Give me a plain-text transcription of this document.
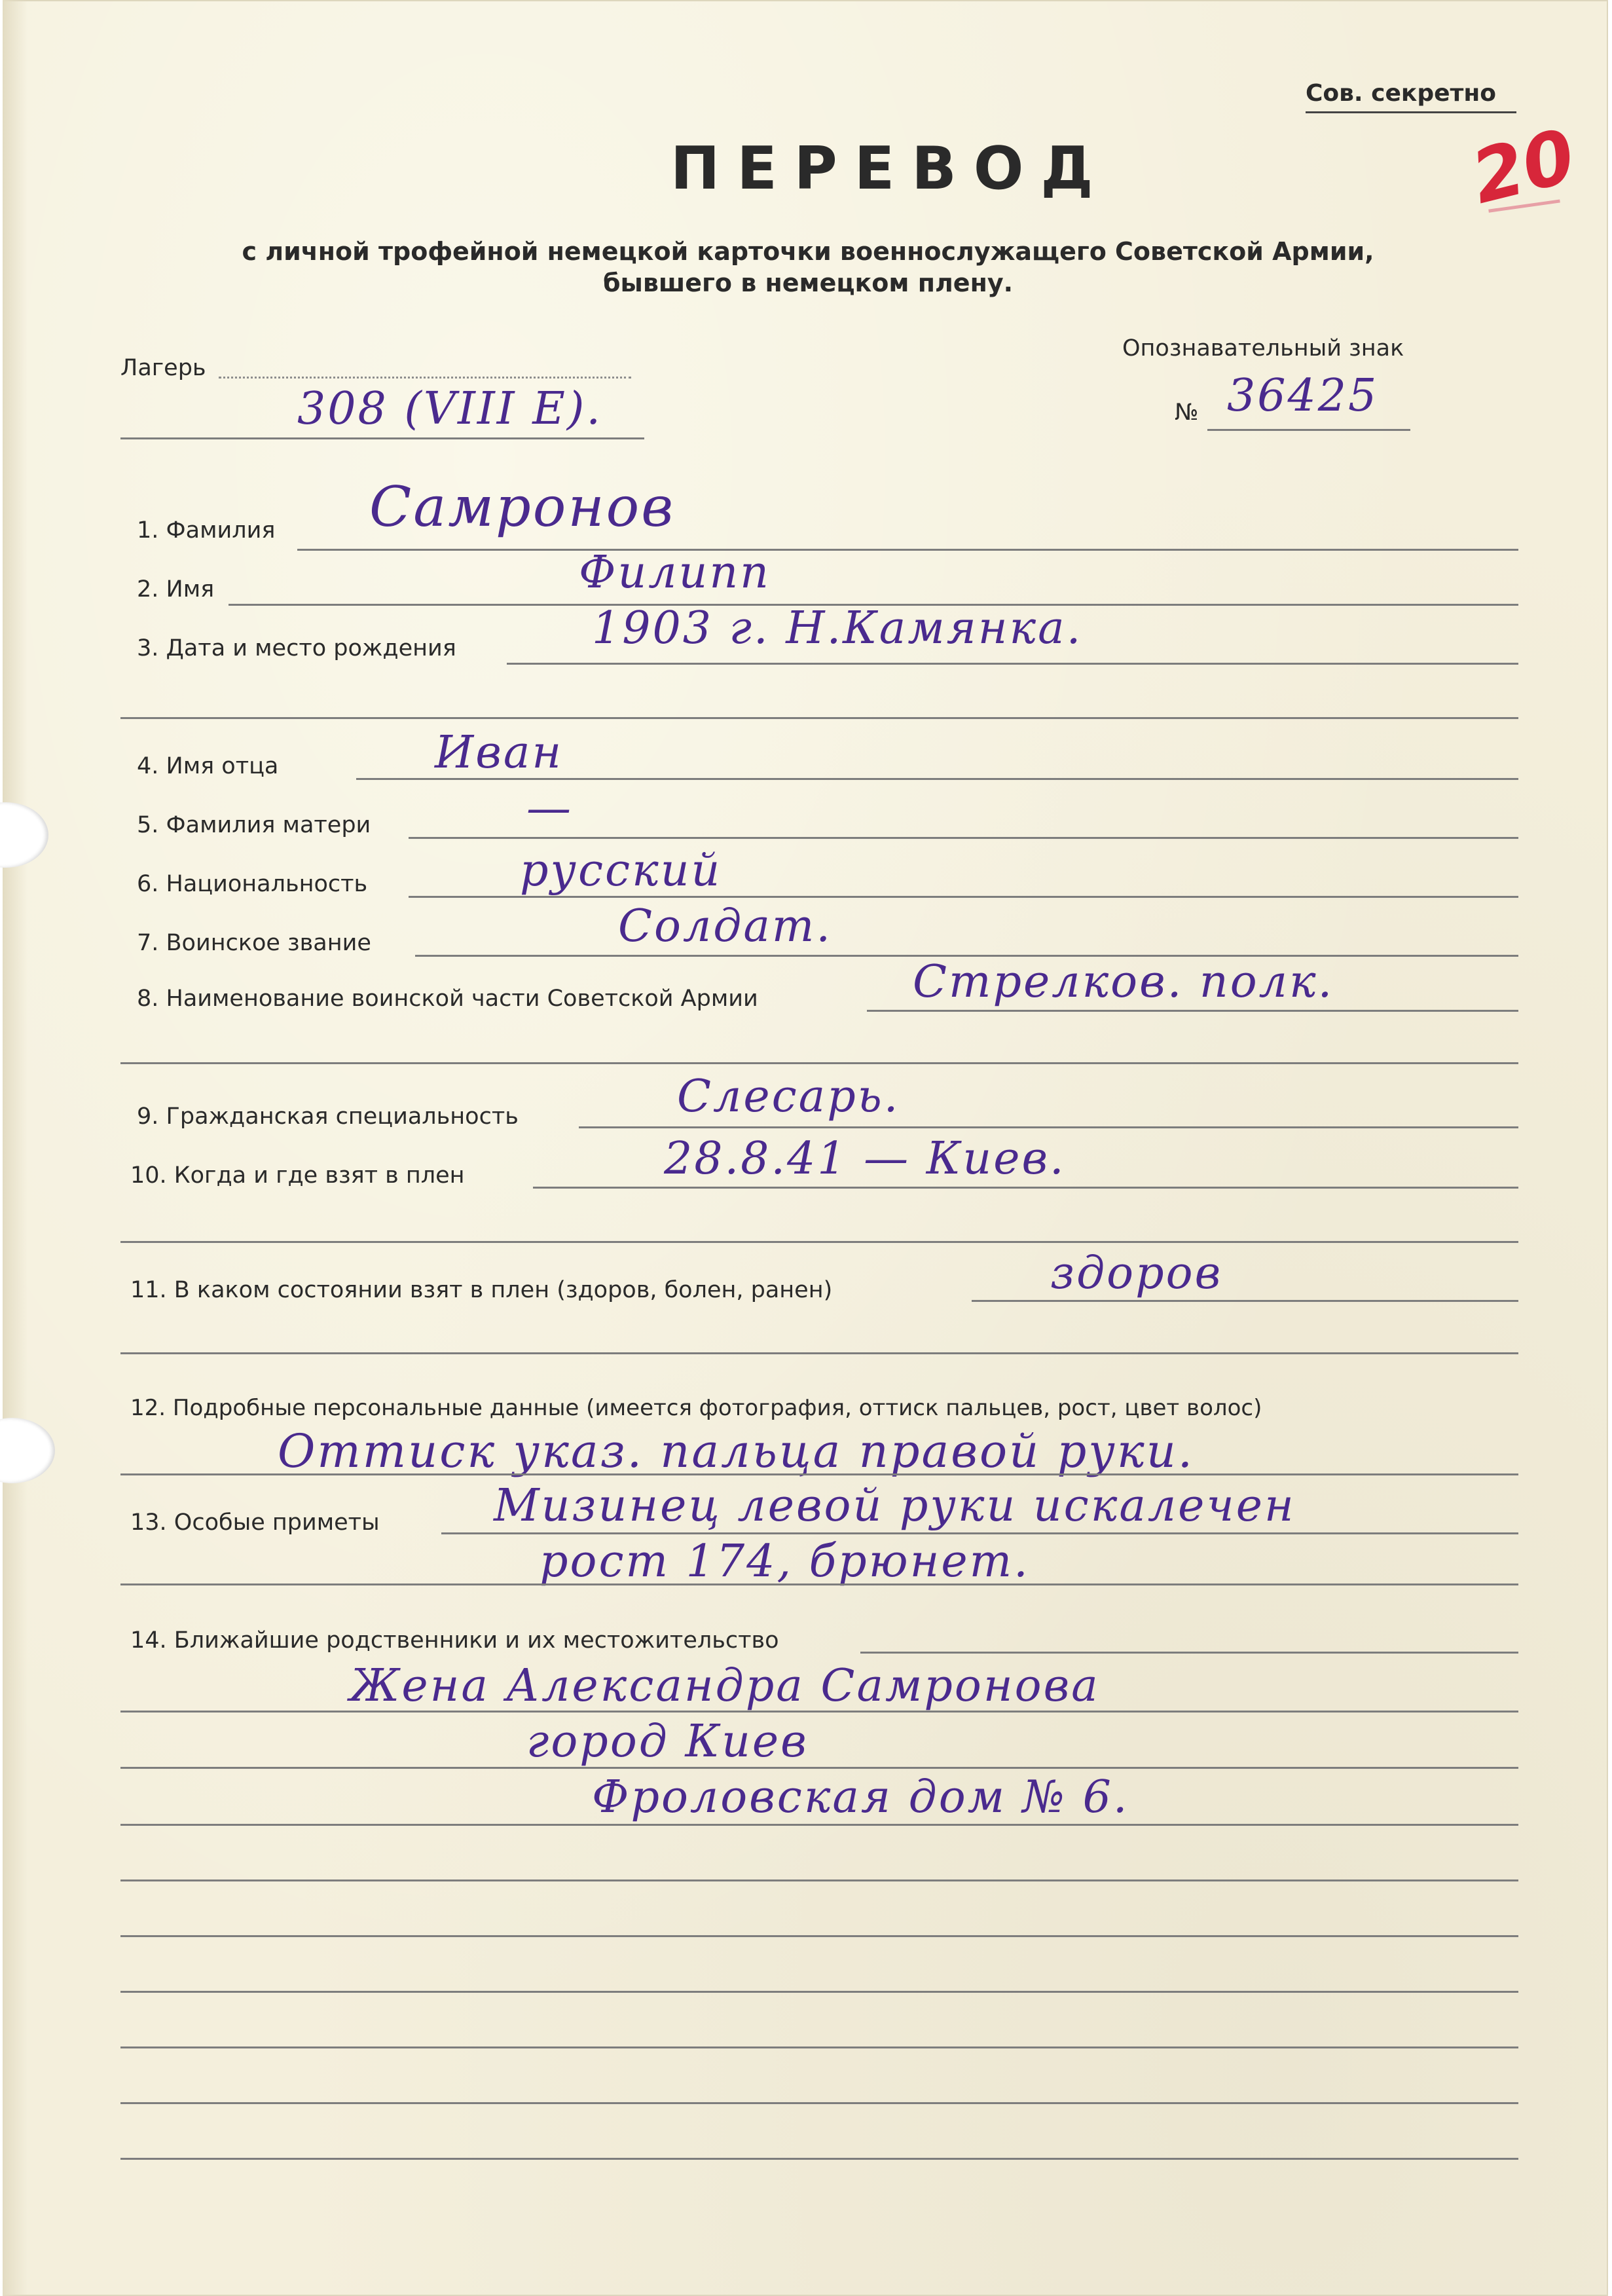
Сов. секретно
20
ПЕРЕВОД
с личной трофейной немецкой карточки военнослужащего Советской Армии,
бывшего в немецком плену.
Лагерь
308 (VIII E).
Опознавательный знак
№ 36425
1. Фамилия Самронов
2. Имя	Филипп
3. Дата и место рождения	1903 г. Н.Камянка.
4. Имя отца	Иван
5. Фамилия матери	—
6. Национальность	русский
7. Воинское звание	Солдат.
8. Наименование воинской части Советской Армии	Стрелков. полк.
9. Гражданская специальность	Слесарь.
10. Когда и где взят в плен	28.8.41 — Киев.
11. В каком состоянии взят в плен (здоров, болен, ранен)	здоров
12. Подробные персональные данные (имеется фотография, оттиск пальцев, рост, цвет волос)
Оттиск указ. пальца правой руки.
13. Особые приметы	Мизинец левой руки искалечен
рост 174, брюнет.
14. Ближайшие родственники и их местожительство
Жена Александра Самронова
город Киев
Фроловская дом № 6.
